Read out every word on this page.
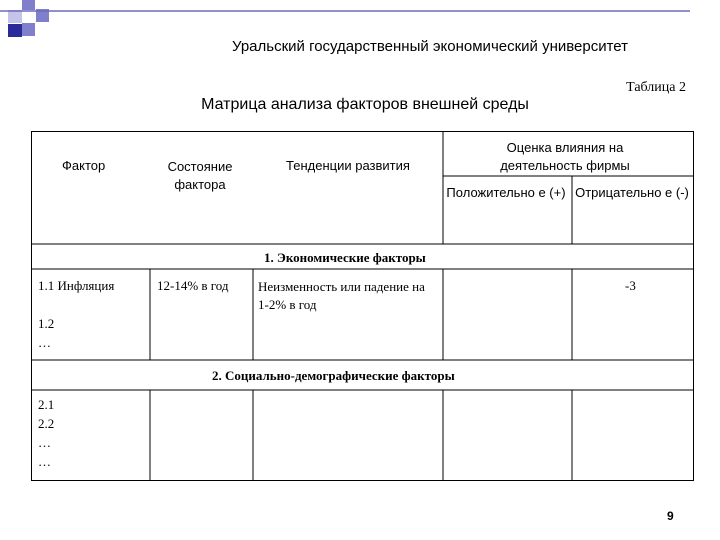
Уральский государственный экономический университет
Таблица 2
Матрица анализа факторов внешней среды
Фактор	Состояние фактора
Тенденции развития
Оценка влияния на деятельность фирмы
Положительно е (+) Отрицательно е (-)
1. Экономические факторы
1.1 Инфляция	12-14% в год Неизменность или падение на 1-2% в год
-3
1.2
…
2. Социально-демографические факторы
2.1
2.2
…
…
9
